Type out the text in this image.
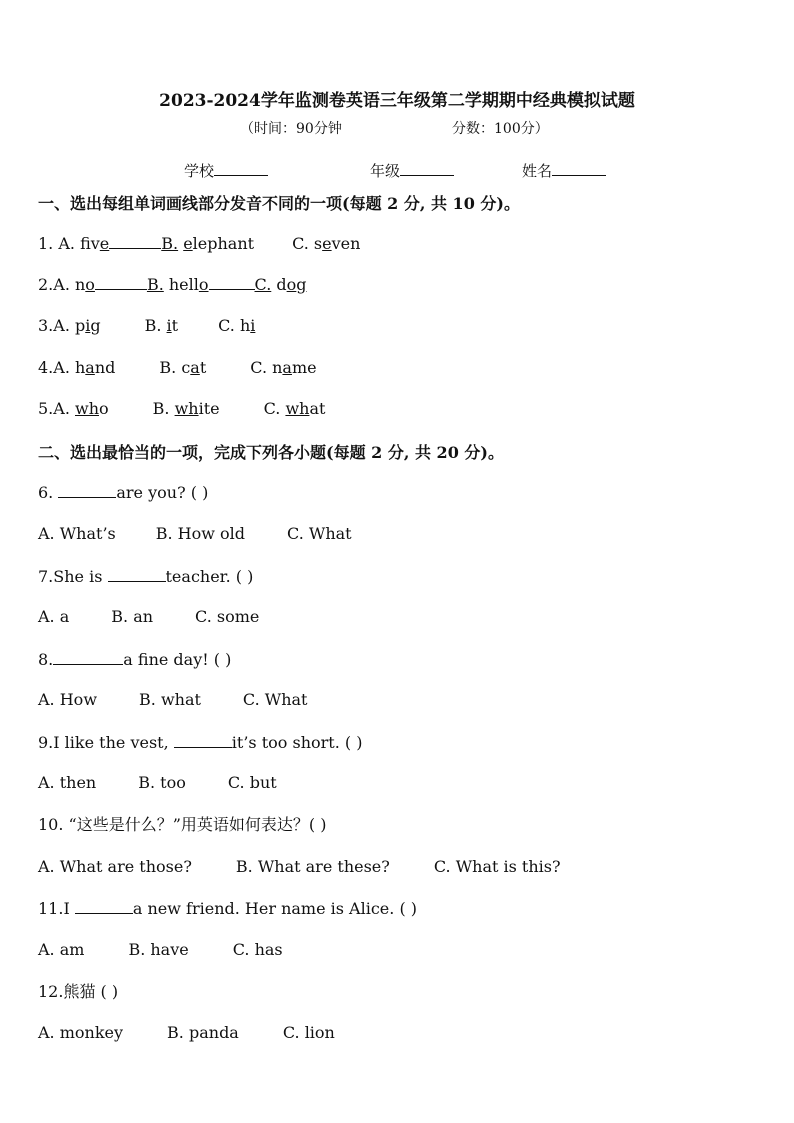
2023-2024学年监测卷英语三年级第二学期期中经典模拟试题
（时间：90分钟	分数：100分）
学校	年级	姓名
一、选出每组单词画线部分发音不同的一项(每题 2 分, 共 10 分)。
1. A. five	B. elephant C. seven
2.A. no	B. hello	C. dog
3.A. pig	B. it	C. hi
4.A. hand	B. cat	C. name
5.A. who	B. white	C. what
二、选出最恰当的一项，完成下列各小题(每题 2 分, 共 20 分)。
6.	are you? ( )
A. What’s	B. How old	C. What
7.She is	teacher. ( )
A. a	B. an	C. some
8.	a fine day! ( )
A. How	B. what	C. What
9.I like the vest,	it’s too short. ( )
A. then	B. too	C. but
10. “这些是什么？”用英语如何表达？( )
A. What are those?	B. What are these?	C. What is this?
11.I	a new friend. Her name is Alice. ( )
A. am	B. have	C. has
12.熊猫 ( )
A. monkey	B. panda	C. lion
